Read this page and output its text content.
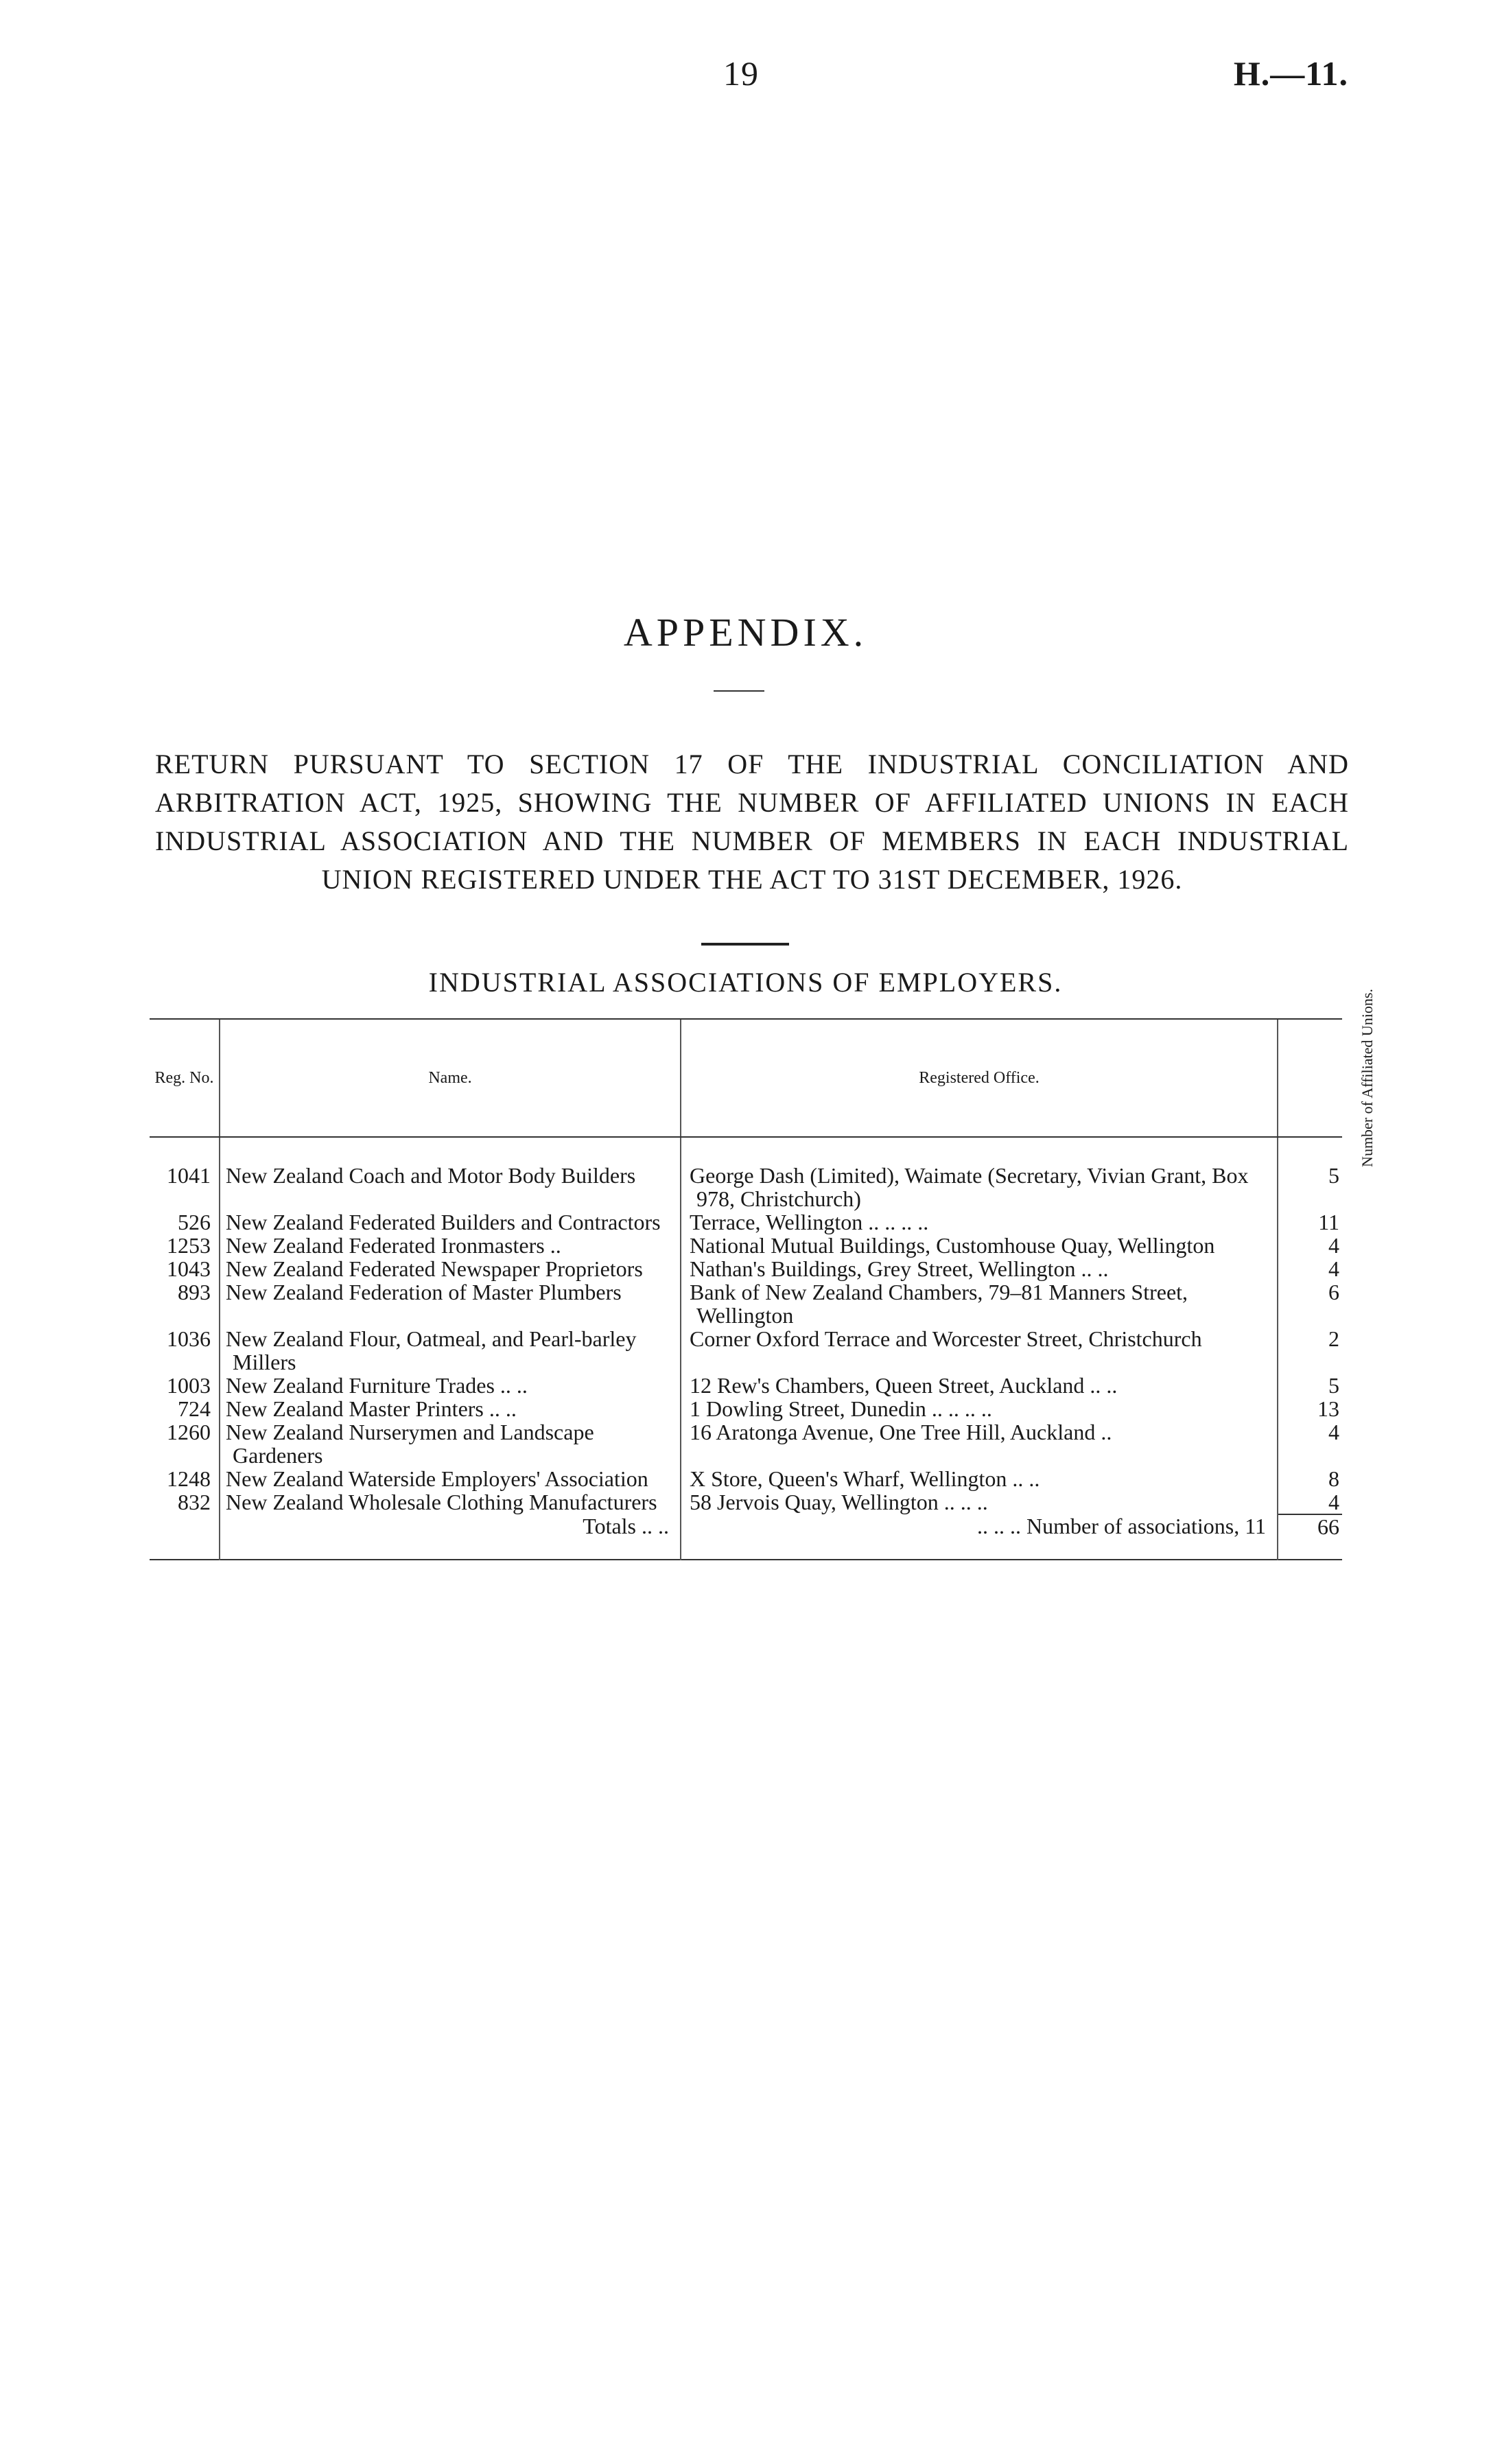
19	H.—11.
APPENDIX.
RETURN PURSUANT TO SECTION 17 OF THE INDUSTRIAL CONCILIATION AND ARBITRATION ACT, 1925, SHOWING THE NUMBER OF AFFILIATED UNIONS IN EACH INDUSTRIAL ASSOCIATION AND THE NUMBER OF MEMBERS IN EACH INDUSTRIAL UNION REGISTERED UNDER THE ACT TO 31ST DECEMBER, 1926.
INDUSTRIAL ASSOCIATIONS OF EMPLOYERS.
Reg. No.	Name.	Registered Office.	Number of Affiliated Unions.
1041	New Zealand Coach and Motor Body Builders	George Dash (Limited), Waimate (Secretary, Vivian Grant, Box 978, Christchurch)	5
526	New Zealand Federated Builders and Contractors	Terrace, Wellington .. .. .. ..	11
1253	New Zealand Federated Ironmasters ..	National Mutual Buildings, Customhouse Quay, Wellington	4
1043	New Zealand Federated Newspaper Proprietors	Nathan's Buildings, Grey Street, Wellington .. ..	4
893	New Zealand Federation of Master Plumbers	Bank of New Zealand Chambers, 79–81 Manners Street, Wellington	6
1036	New Zealand Flour, Oatmeal, and Pearl-barley Millers	Corner Oxford Terrace and Worcester Street, Christchurch	2
1003	New Zealand Furniture Trades .. ..	12 Rew's Chambers, Queen Street, Auckland .. ..	5
724	New Zealand Master Printers .. ..	1 Dowling Street, Dunedin .. .. .. ..	13
1260	New Zealand Nurserymen and Landscape Gardeners	16 Aratonga Avenue, One Tree Hill, Auckland ..	4
1248	New Zealand Waterside Employers' Association	X Store, Queen's Wharf, Wellington .. ..	8
832	New Zealand Wholesale Clothing Manufacturers	58 Jervois Quay, Wellington .. .. ..	4
	Totals .. ..	.. .. .. Number of associations, 11	66
